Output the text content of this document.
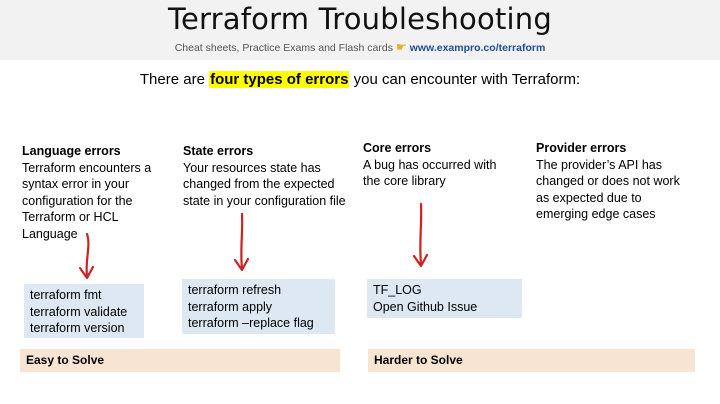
Terraform Troubleshooting
Cheat sheets, Practice Exams and Flash cards ☛ www.exampro.co/terraform
There are four types of errors you can encounter with Terraform:
Language errors
Terraform encounters a
syntax error in your
configuration for the
Terraform or HCL
Language
State errors
Your resources state has
changed from the expected
state in your configuration file
Core errors
A bug has occurred with
the core library
Provider errors
The provider’s API has
changed or does not work
as expected due to
emerging edge cases
terraform fmt
terraform validate
terraform version
terraform refresh
terraform apply
terraform –replace flag
TF_LOG
Open Github Issue
Easy to Solve	Harder to Solve
